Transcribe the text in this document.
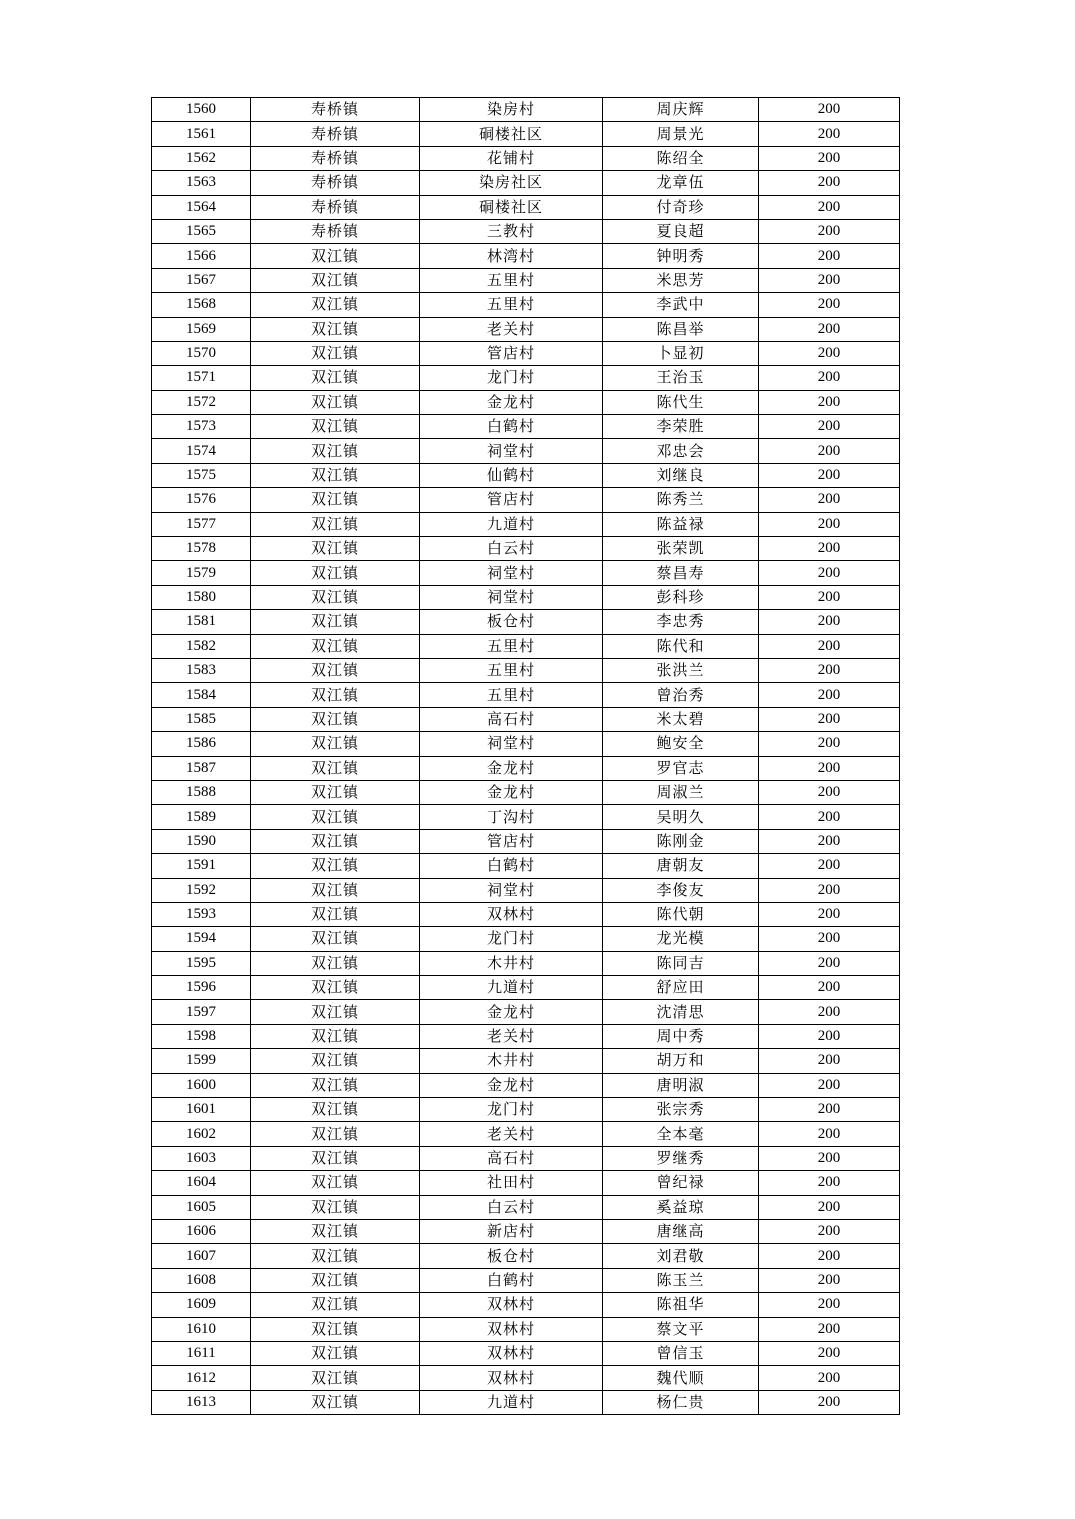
1560	寿桥镇	染房村	周庆辉	200
1561	寿桥镇	硐楼社区	周景光	200
1562	寿桥镇	花铺村	陈绍全	200
1563	寿桥镇	染房社区	龙章伍	200
1564	寿桥镇	硐楼社区	付奇珍	200
1565	寿桥镇	三教村	夏良超	200
1566	双江镇	林湾村	钟明秀	200
1567	双江镇	五里村	米思芳	200
1568	双江镇	五里村	李武中	200
1569	双江镇	老关村	陈昌举	200
1570	双江镇	管店村	卜显初	200
1571	双江镇	龙门村	王治玉	200
1572	双江镇	金龙村	陈代生	200
1573	双江镇	白鹤村	李荣胜	200
1574	双江镇	祠堂村	邓忠会	200
1575	双江镇	仙鹤村	刘继良	200
1576	双江镇	管店村	陈秀兰	200
1577	双江镇	九道村	陈益禄	200
1578	双江镇	白云村	张荣凯	200
1579	双江镇	祠堂村	蔡昌寿	200
1580	双江镇	祠堂村	彭科珍	200
1581	双江镇	板仓村	李忠秀	200
1582	双江镇	五里村	陈代和	200
1583	双江镇	五里村	张洪兰	200
1584	双江镇	五里村	曾治秀	200
1585	双江镇	高石村	米太碧	200
1586	双江镇	祠堂村	鲍安全	200
1587	双江镇	金龙村	罗官志	200
1588	双江镇	金龙村	周淑兰	200
1589	双江镇	丁沟村	吴明久	200
1590	双江镇	管店村	陈刚金	200
1591	双江镇	白鹤村	唐朝友	200
1592	双江镇	祠堂村	李俊友	200
1593	双江镇	双林村	陈代朝	200
1594	双江镇	龙门村	龙光模	200
1595	双江镇	木井村	陈同吉	200
1596	双江镇	九道村	舒应田	200
1597	双江镇	金龙村	沈清思	200
1598	双江镇	老关村	周中秀	200
1599	双江镇	木井村	胡万和	200
1600	双江镇	金龙村	唐明淑	200
1601	双江镇	龙门村	张宗秀	200
1602	双江镇	老关村	全本毫	200
1603	双江镇	高石村	罗继秀	200
1604	双江镇	社田村	曾纪禄	200
1605	双江镇	白云村	奚益琼	200
1606	双江镇	新店村	唐继高	200
1607	双江镇	板仓村	刘君敬	200
1608	双江镇	白鹤村	陈玉兰	200
1609	双江镇	双林村	陈祖华	200
1610	双江镇	双林村	蔡文平	200
1611	双江镇	双林村	曾信玉	200
1612	双江镇	双林村	魏代顺	200
1613	双江镇	九道村	杨仁贵	200
